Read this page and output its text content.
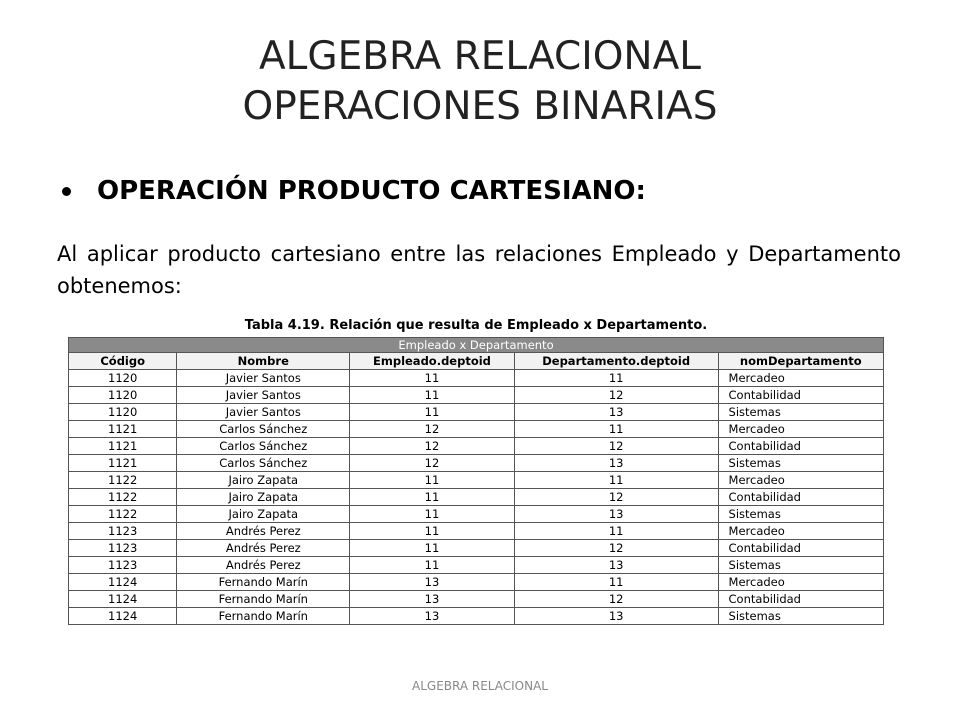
ALGEBRA RELACIONAL
OPERACIONES BINARIAS
OPERACIÓN PRODUCTO CARTESIANO:
Al aplicar producto cartesiano entre las relaciones Empleado y Departamento obtenemos:
Tabla 4.19. Relación que resulta de Empleado x Departamento.
Empleado x Departamento				
Código	Nombre	Empleado.deptoid	Departamento.deptoid	nomDepartamento
1120	Javier Santos	11	11	Mercadeo
1120	Javier Santos	11	12	Contabilidad
1120	Javier Santos	11	13	Sistemas
1121	Carlos Sánchez	12	11	Mercadeo
1121	Carlos Sánchez	12	12	Contabilidad
1121	Carlos Sánchez	12	13	Sistemas
1122	Jairo Zapata	11	11	Mercadeo
1122	Jairo Zapata	11	12	Contabilidad
1122	Jairo Zapata	11	13	Sistemas
1123	Andrés Perez	11	11	Mercadeo
1123	Andrés Perez	11	12	Contabilidad
1123	Andrés Perez	11	13	Sistemas
1124	Fernando Marín	13	11	Mercadeo
1124	Fernando Marín	13	12	Contabilidad
1124	Fernando Marín	13	13	Sistemas
ALGEBRA RELACIONAL
